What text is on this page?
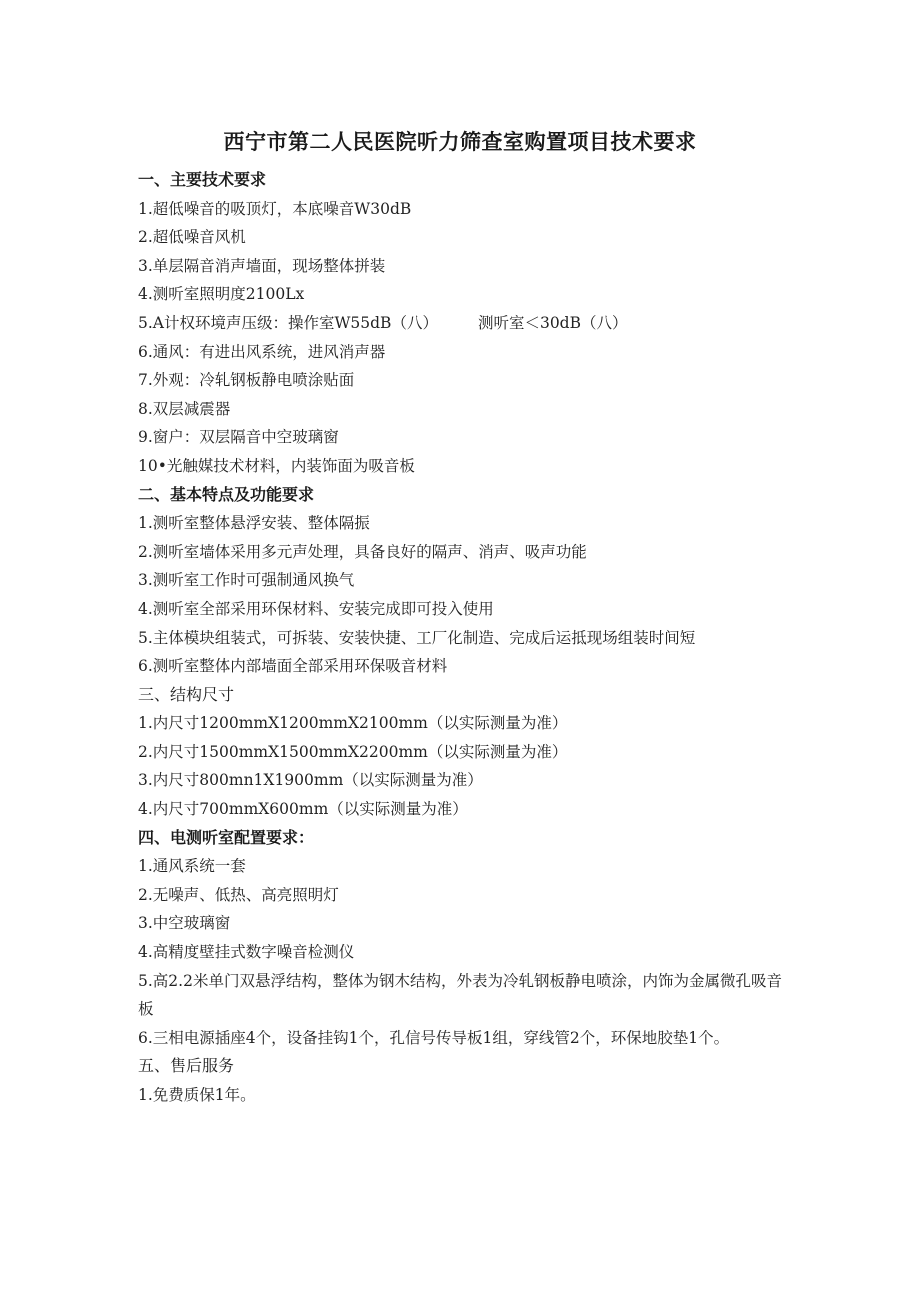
西宁市第二人民医院听力筛查室购置项目技术要求

一、主要技术要求

1.超低噪音的吸顶灯，本底噪音W30dB

2.超低噪音风机

3.单层隔音消声墙面，现场整体拼装

4.测听室照明度2100Lx

5.A计权环境声压级：操作室W55dB（八）	测听室＜30dB（八）

6.通风：有进出风系统，进风消声器

7.外观：冷轧钢板静电喷涂贴面

8.双层减震器

9.窗户：双层隔音中空玻璃窗

10•光触媒技术材料，内装饰面为吸音板

二、基本特点及功能要求

1.测听室整体悬浮安装、整体隔振

2.测听室墙体采用多元声处理，具备良好的隔声、消声、吸声功能

3.测听室工作时可强制通风换气

4.测听室全部采用环保材料、安装完成即可投入使用

5.主体模块组装式，可拆装、安装快捷、工厂化制造、完成后运抵现场组装时间短

6.测听室整体内部墙面全部采用环保吸音材料

三、结构尺寸

1.内尺寸1200mmX1200mmX2100mm（以实际测量为准）

2.内尺寸1500mmX1500mmX2200mm（以实际测量为准）

3.内尺寸800mn1X1900mm（以实际测量为准）

4.内尺寸700mmX600mm（以实际测量为准）

四、电测听室配置要求：

1.通风系统一套

2.无噪声、低热、高亮照明灯

3.中空玻璃窗

4.高精度壁挂式数字噪音检测仪

5.高2.2米单门双悬浮结构，整体为钢木结构，外表为冷轧钢板静电喷涂，内饰为金属微孔吸音板

6.三相电源插座4个，设备挂钩1个，孔信号传导板1组，穿线管2个，环保地胶垫1个。

五、售后服务

1.免费质保1年。
